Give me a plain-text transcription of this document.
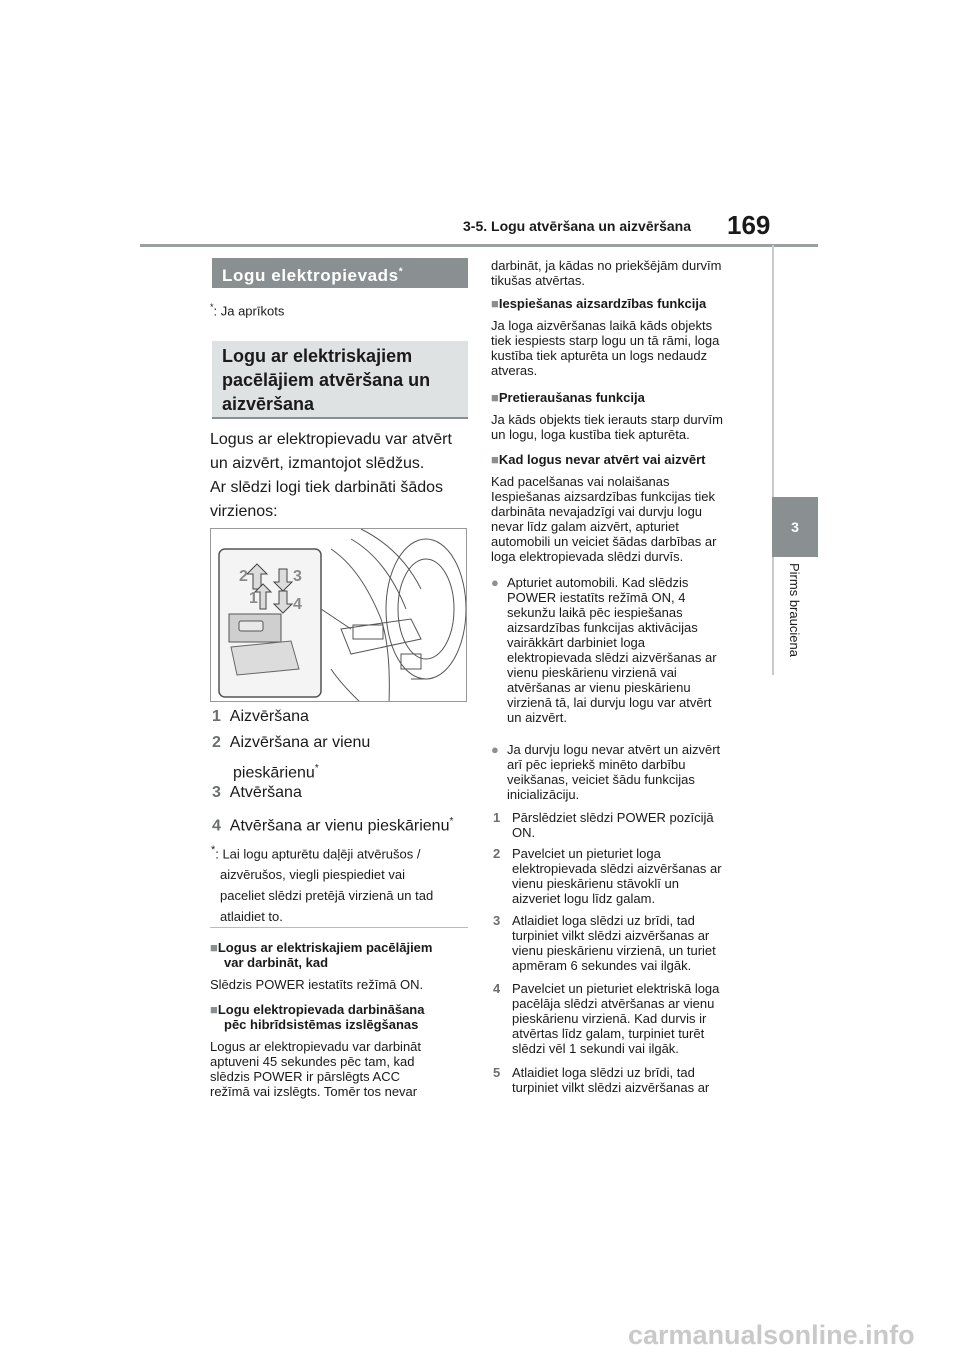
3-5. Logu atvēršana un aizvēršana 169
3
Pirms brauciena
Logu elektropievads*
*: Ja aprīkots
Logu ar elektriskajiem
pacēlājiem atvēršana un
aizvēršana
Logus ar elektropievadu var atvērt
un aizvērt, izmantojot slēdžus.
Ar slēdzi logi tiek darbināti šādos
virzienos:
2	3
1 4
1 Aizvēršana
2 Aizvēršana ar vienu
pieskārienu*
3 Atvēršana
4 Atvēršana ar vienu pieskārienu*
*: Lai logu apturētu daļēji atvērušos /
aizvērušos, viegli piespiediet vai
paceliet slēdzi pretējā virzienā un tad
atlaidiet to.
■Logus ar elektriskajiem pacēlājiem
var darbināt, kad
Slēdzis POWER iestatīts režīmā ON.
■Logu elektropievada darbināšana
pēc hibrīdsistēmas izslēgšanas
Logus ar elektropievadu var darbināt
aptuveni 45 sekundes pēc tam, kad
slēdzis POWER ir pārslēgts ACC
režīmā vai izslēgts. Tomēr tos nevar
darbināt, ja kādas no priekšējām durvīm
tikušas atvērtas.
■Iespiešanas aizsardzības funkcija
Ja loga aizvēršanas laikā kāds objekts
tiek iespiests starp logu un tā rāmi, loga
kustība tiek apturēta un logs nedaudz
atveras.
■Pretieraušanas funkcija
Ja kāds objekts tiek ierauts starp durvīm
un logu, loga kustība tiek apturēta.
■Kad logus nevar atvērt vai aizvērt
Kad pacelšanas vai nolaišanas
Iespiešanas aizsardzības funkcijas tiek
darbināta nevajadzīgi vai durvju logu
nevar līdz galam aizvērt, apturiet
automobili un veiciet šādas darbības ar
loga elektropievada slēdzi durvīs.
● Apturiet automobili. Kad slēdzis
POWER iestatīts režīmā ON, 4
sekunžu laikā pēc iespiešanas
aizsardzības funkcijas aktivācijas
vairākkārt darbiniet loga
elektropievada slēdzi aizvēršanas ar
vienu pieskārienu virzienā vai
atvēršanas ar vienu pieskārienu
virzienā tā, lai durvju logu var atvērt
un aizvērt.
● Ja durvju logu nevar atvērt un aizvērt
arī pēc iepriekš minēto darbību
veikšanas, veiciet šādu funkcijas
inicializāciju.
1 Pārslēdziet slēdzi POWER pozīcijā
ON.
2 Pavelciet un pieturiet loga
elektropievada slēdzi aizvēršanas ar
vienu pieskārienu stāvoklī un
aizveriet logu līdz galam.
3 Atlaidiet loga slēdzi uz brīdi, tad
turpiniet vilkt slēdzi aizvēršanas ar
vienu pieskārienu virzienā, un turiet
apmēram 6 sekundes vai ilgāk.
4 Pavelciet un pieturiet elektriskā loga
pacēlāja slēdzi atvēršanas ar vienu
pieskārienu virzienā. Kad durvis ir
atvērtas līdz galam, turpiniet turēt
slēdzi vēl 1 sekundi vai ilgāk.
5 Atlaidiet loga slēdzi uz brīdi, tad
turpiniet vilkt slēdzi aizvēršanas ar
carmanualsonline.info
